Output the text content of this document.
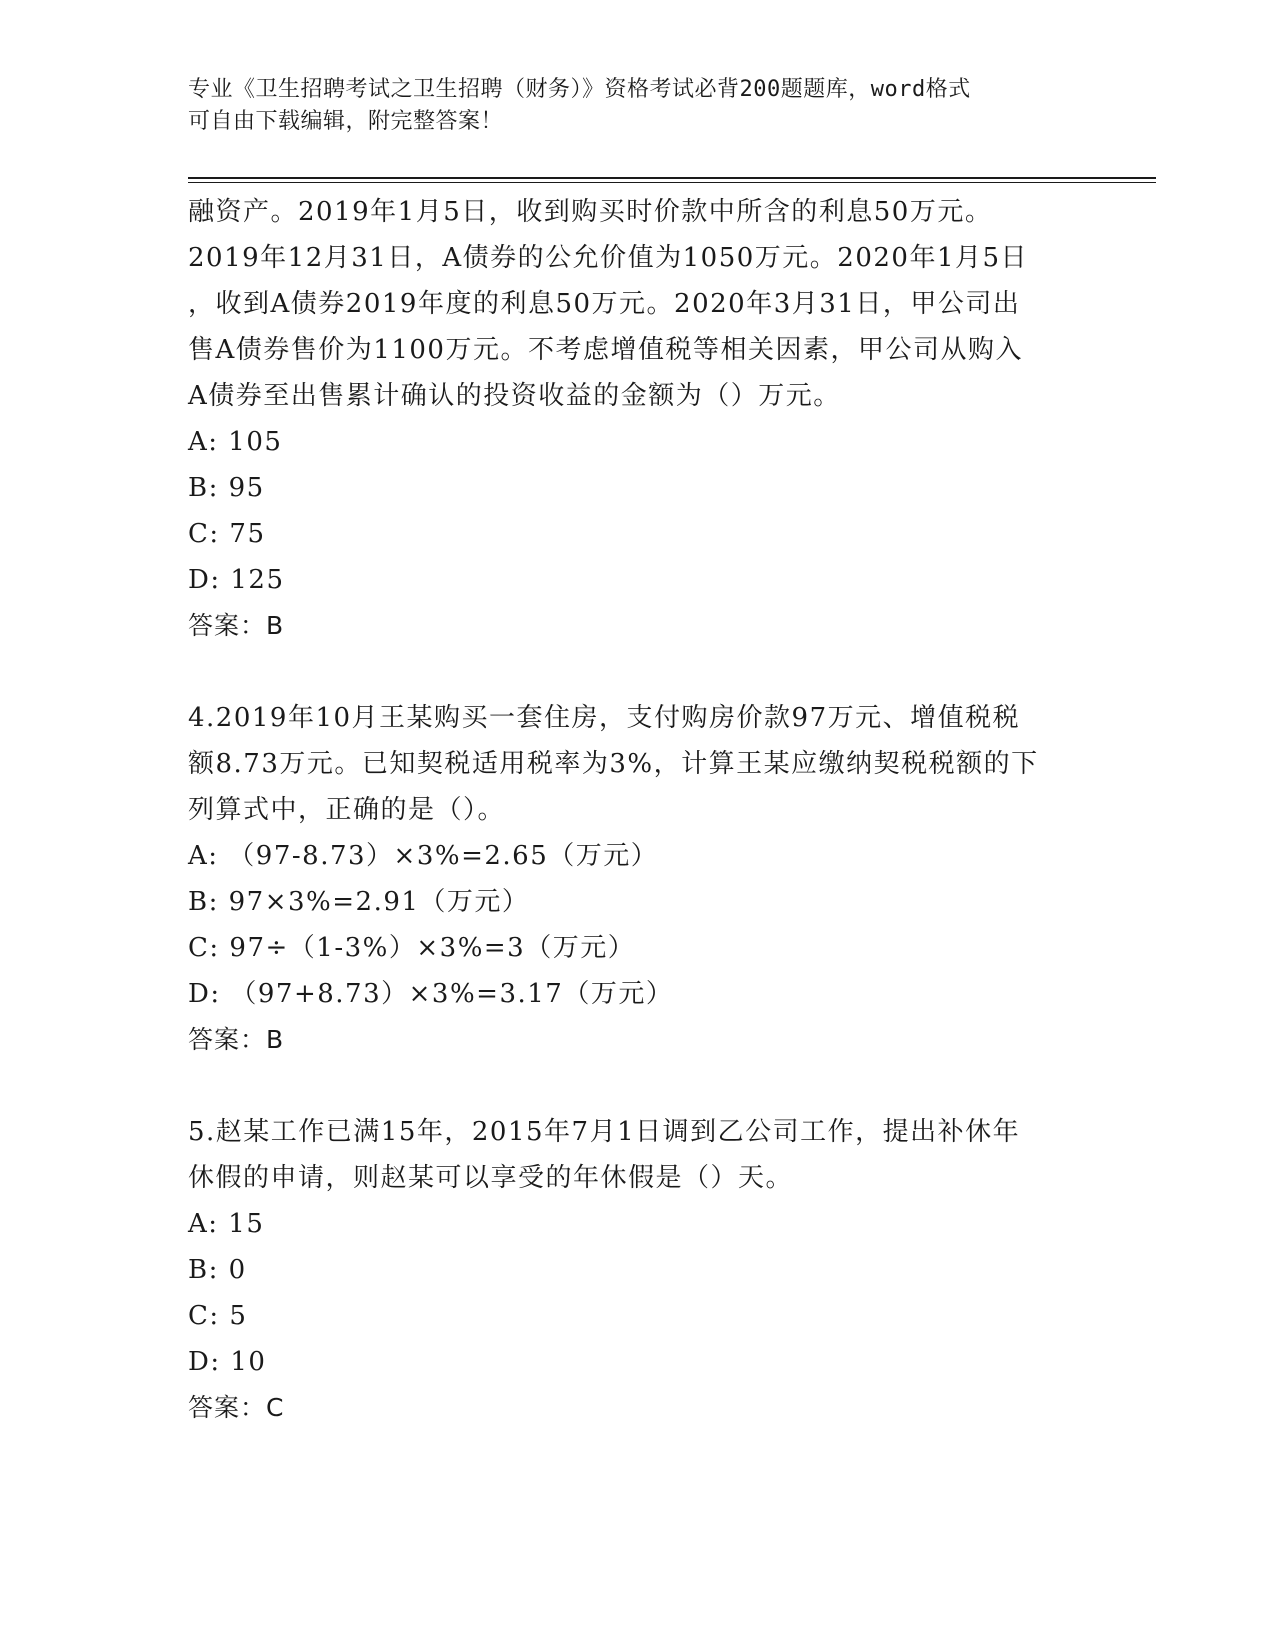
专业《卫生招聘考试之卫生招聘（财务）》资格考试必背200题题库，word格式
可自由下载编辑，附完整答案！
融资产。2019年1月5日，收到购买时价款中所含的利息50万元。
2019年12月31日，A债券的公允价值为1050万元。2020年1月5日
，收到A债券2019年度的利息50万元。2020年3月31日，甲公司出
售A债券售价为1100万元。不考虑增值税等相关因素，甲公司从购入
A债券至出售累计确认的投资收益的金额为（）万元。
A: 105
B: 95
C: 75
D: 125
答案：B
4.2019年10月王某购买一套住房，支付购房价款97万元、增值税税
额8.73万元。已知契税适用税率为3%，计算王某应缴纳契税税额的下
列算式中，正确的是（）。
A: （97-8.73）×3%=2.65（万元）
B: 97×3%=2.91（万元）
C: 97÷（1-3%）×3%=3（万元）
D: （97+8.73）×3%=3.17（万元）
答案：B
5.赵某工作已满15年，2015年7月1日调到乙公司工作，提出补休年
休假的申请，则赵某可以享受的年休假是（）天。
A: 15
B: 0
C: 5
D: 10
答案：C
